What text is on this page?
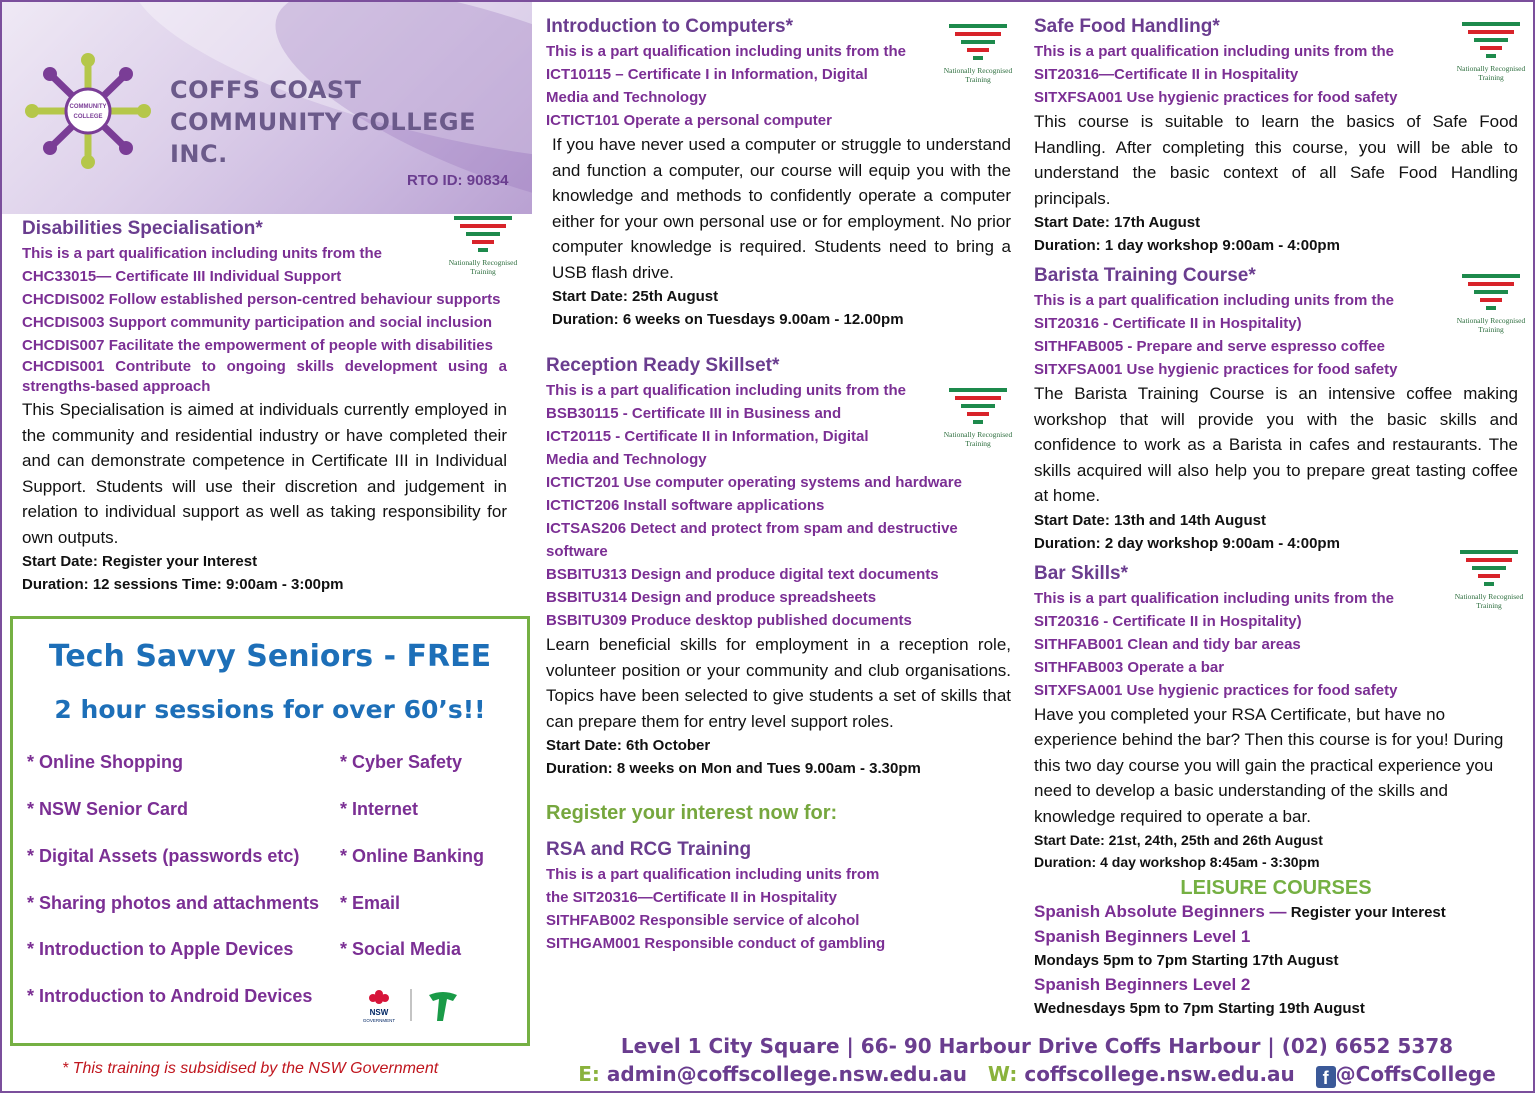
COMMUNITY
COLLEGE
COFFS COAST
COMMUNITY COLLEGE INC.
RTO ID: 90834
Disabilities Specialisation*
This is a part qualification including units from the
CHC33015— Certificate III Individual Support
CHCDIS002 Follow established person-centred behaviour supports
CHCDIS003 Support community participation and social inclusion
CHCDIS007 Facilitate the empowerment of people with disabilities
CHCDIS001 Contribute to ongoing skills development using a strengths-based approach
This Specialisation is aimed at individuals currently employed in the community and residential industry or have completed their and can demonstrate competence in Certificate III in Individual Support. Students will use their discretion and judgement in relation to individual support as well as taking responsibility for own outputs.
Start Date: Register your Interest
Duration: 12 sessions Time: 9:00am - 3:00pm
Nationally Recognised Training
Tech Savvy Seniors - FREE
2 hour sessions for over 60’s!!
* Online Shopping
* NSW Senior Card
* Digital Assets (passwords etc)
* Sharing photos and attachments
* Introduction to Apple Devices
* Introduction to Android Devices
* Cyber Safety
* Internet
* Online Banking
* Email
* Social Media
NSW
GOVERNMENT
* This training is subsidised by the NSW Government
Introduction to Computers*
This is a part qualification including units from the
ICT10115 – Certificate I in Information, Digital
Media and Technology
ICTICT101 Operate a personal computer
If you have never used a computer or struggle to understand and function a computer, our course will equip you with the knowledge and methods to confidently operate a computer either for your own personal use or for employment. No prior computer knowledge is required. Students need to bring a USB flash drive.
Start Date: 25th August
Duration: 6 weeks on Tuesdays 9.00am - 12.00pm
Reception Ready Skillset*
This is a part qualification including units from the
BSB30115 - Certificate III in Business and
ICT20115 - Certificate II in Information, Digital
Media and Technology
ICTICT201 Use computer operating systems and hardware
ICTICT206 Install software applications
ICTSAS206 Detect and protect from spam and destructive software
BSBITU313 Design and produce digital text documents
BSBITU314 Design and produce spreadsheets
BSBITU309 Produce desktop published documents
Learn beneficial skills for employment in a reception role, volunteer position or your community and club organisations. Topics have been selected to give students a set of skills that can prepare them for entry level support roles.
Start Date: 6th October
Duration: 8 weeks on Mon and Tues 9.00am - 3.30pm
Register your interest now for:
RSA and RCG Training
This is a part qualification including units from
the SIT20316—Certificate II in Hospitality
SITHFAB002 Responsible service of alcohol
SITHGAM001 Responsible conduct of gambling
Nationally Recognised Training
Nationally Recognised Training
Safe Food Handling*
This is a part qualification including units from the
SIT20316—Certificate II in Hospitality
SITXFSA001 Use hygienic practices for food safety
This course is suitable to learn the basics of Safe Food Handling. After completing this course, you will be able to understand the basic context of all Safe Food Handling principals.
Start Date: 17th August
Duration: 1 day workshop 9:00am - 4:00pm
Barista Training Course*
This is a part qualification including units from the
SIT20316 - Certificate II in Hospitality)
SITHFAB005 - Prepare and serve espresso coffee
SITXFSA001 Use hygienic practices for food safety
The Barista Training Course is an intensive coffee making workshop that will provide you with the basic skills and confidence to work as a Barista in cafes and restaurants. The skills acquired will also help you to prepare great tasting coffee at home.
Start Date: 13th and 14th August
Duration: 2 day workshop 9:00am - 4:00pm
Bar Skills*
This is a part qualification including units from the
SIT20316 - Certificate II in Hospitality)
SITHFAB001 Clean and tidy bar areas
SITHFAB003 Operate a bar
SITXFSA001 Use hygienic practices for food safety
Have you completed your RSA Certificate, but have no experience behind the bar? Then this course is for you! During this two day course you will gain the practical experience you need to develop a basic understanding of the skills and knowledge required to operate a bar.
Start Date: 21st, 24th, 25th and 26th August
Duration: 4 day workshop 8:45am - 3:30pm
LEISURE COURSES
Spanish Absolute Beginners — Register your Interest
Spanish Beginners Level 1
Mondays 5pm to 7pm Starting 17th August
Spanish Beginners Level 2
Wednesdays 5pm to 7pm Starting 19th August
Nationally Recognised Training
Nationally Recognised Training
Nationally Recognised Training
Level 1 City Square | 66- 90 Harbour Drive Coffs Harbour | (02) 6652 5378
E: admin@coffscollege.nsw.edu.au W: coffscollege.nsw.edu.au f @CoffsCollege
